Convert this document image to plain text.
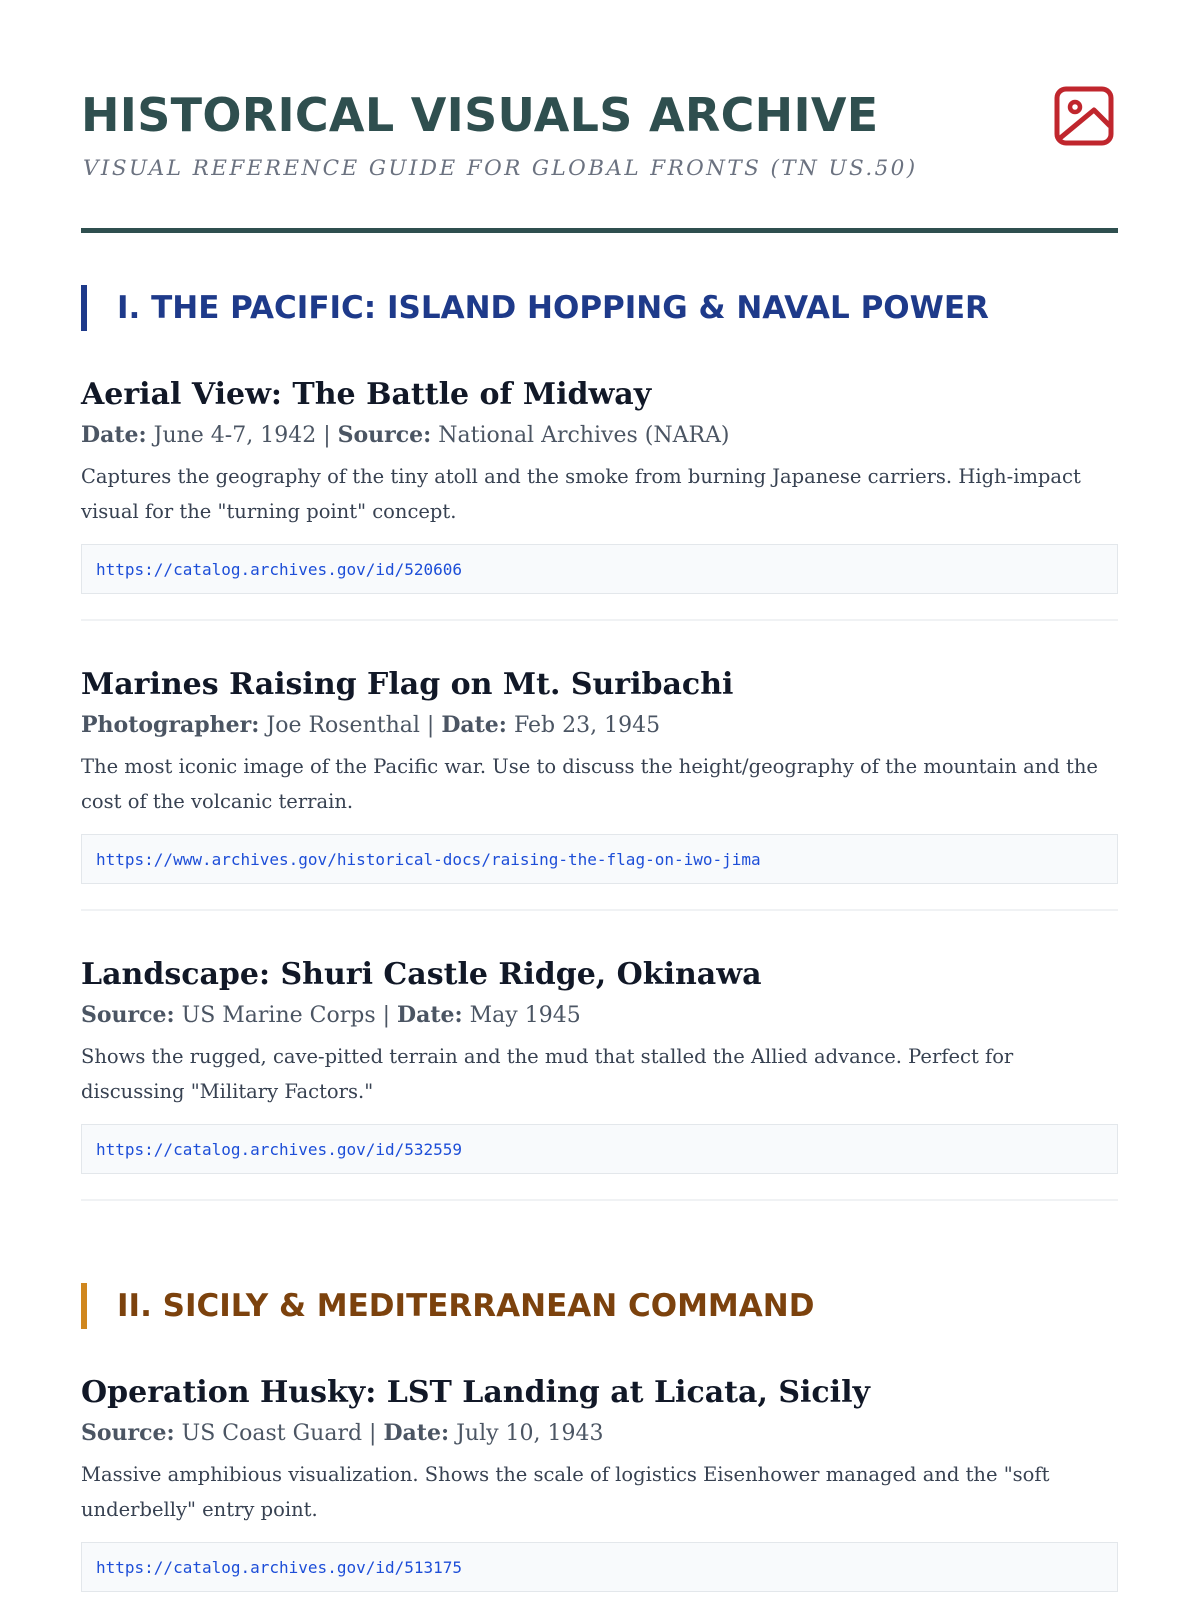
HISTORICAL VISUALS ARCHIVE
VISUAL REFERENCE GUIDE FOR GLOBAL FRONTS (TN US.50)
I. THE PACIFIC: ISLAND HOPPING & NAVAL POWER
Aerial View: The Battle of Midway

Date: June 4-7, 1942 | Source: National Archives (NARA)

Captures the geography of the tiny atoll and the smoke from burning Japanese carriers. High-impact visual for the "turning point" concept.

https://catalog.archives.gov/id/520606
Marines Raising Flag on Mt. Suribachi

Photographer: Joe Rosenthal | Date: Feb 23, 1945

The most iconic image of the Pacific war. Use to discuss the height/geography of the mountain and the cost of the volcanic terrain.

https://www.archives.gov/historical-docs/raising-the-flag-on-iwo-jima
Landscape: Shuri Castle Ridge, Okinawa

Source: US Marine Corps | Date: May 1945

Shows the rugged, cave-pitted terrain and the mud that stalled the Allied advance. Perfect for discussing "Military Factors."

https://catalog.archives.gov/id/532559
II. SICILY & MEDITERRANEAN COMMAND
Operation Husky: LST Landing at Licata, Sicily

Source: US Coast Guard | Date: July 10, 1943

Massive amphibious visualization. Shows the scale of logistics Eisenhower managed and the "soft underbelly" entry point.

https://catalog.archives.gov/id/513175
